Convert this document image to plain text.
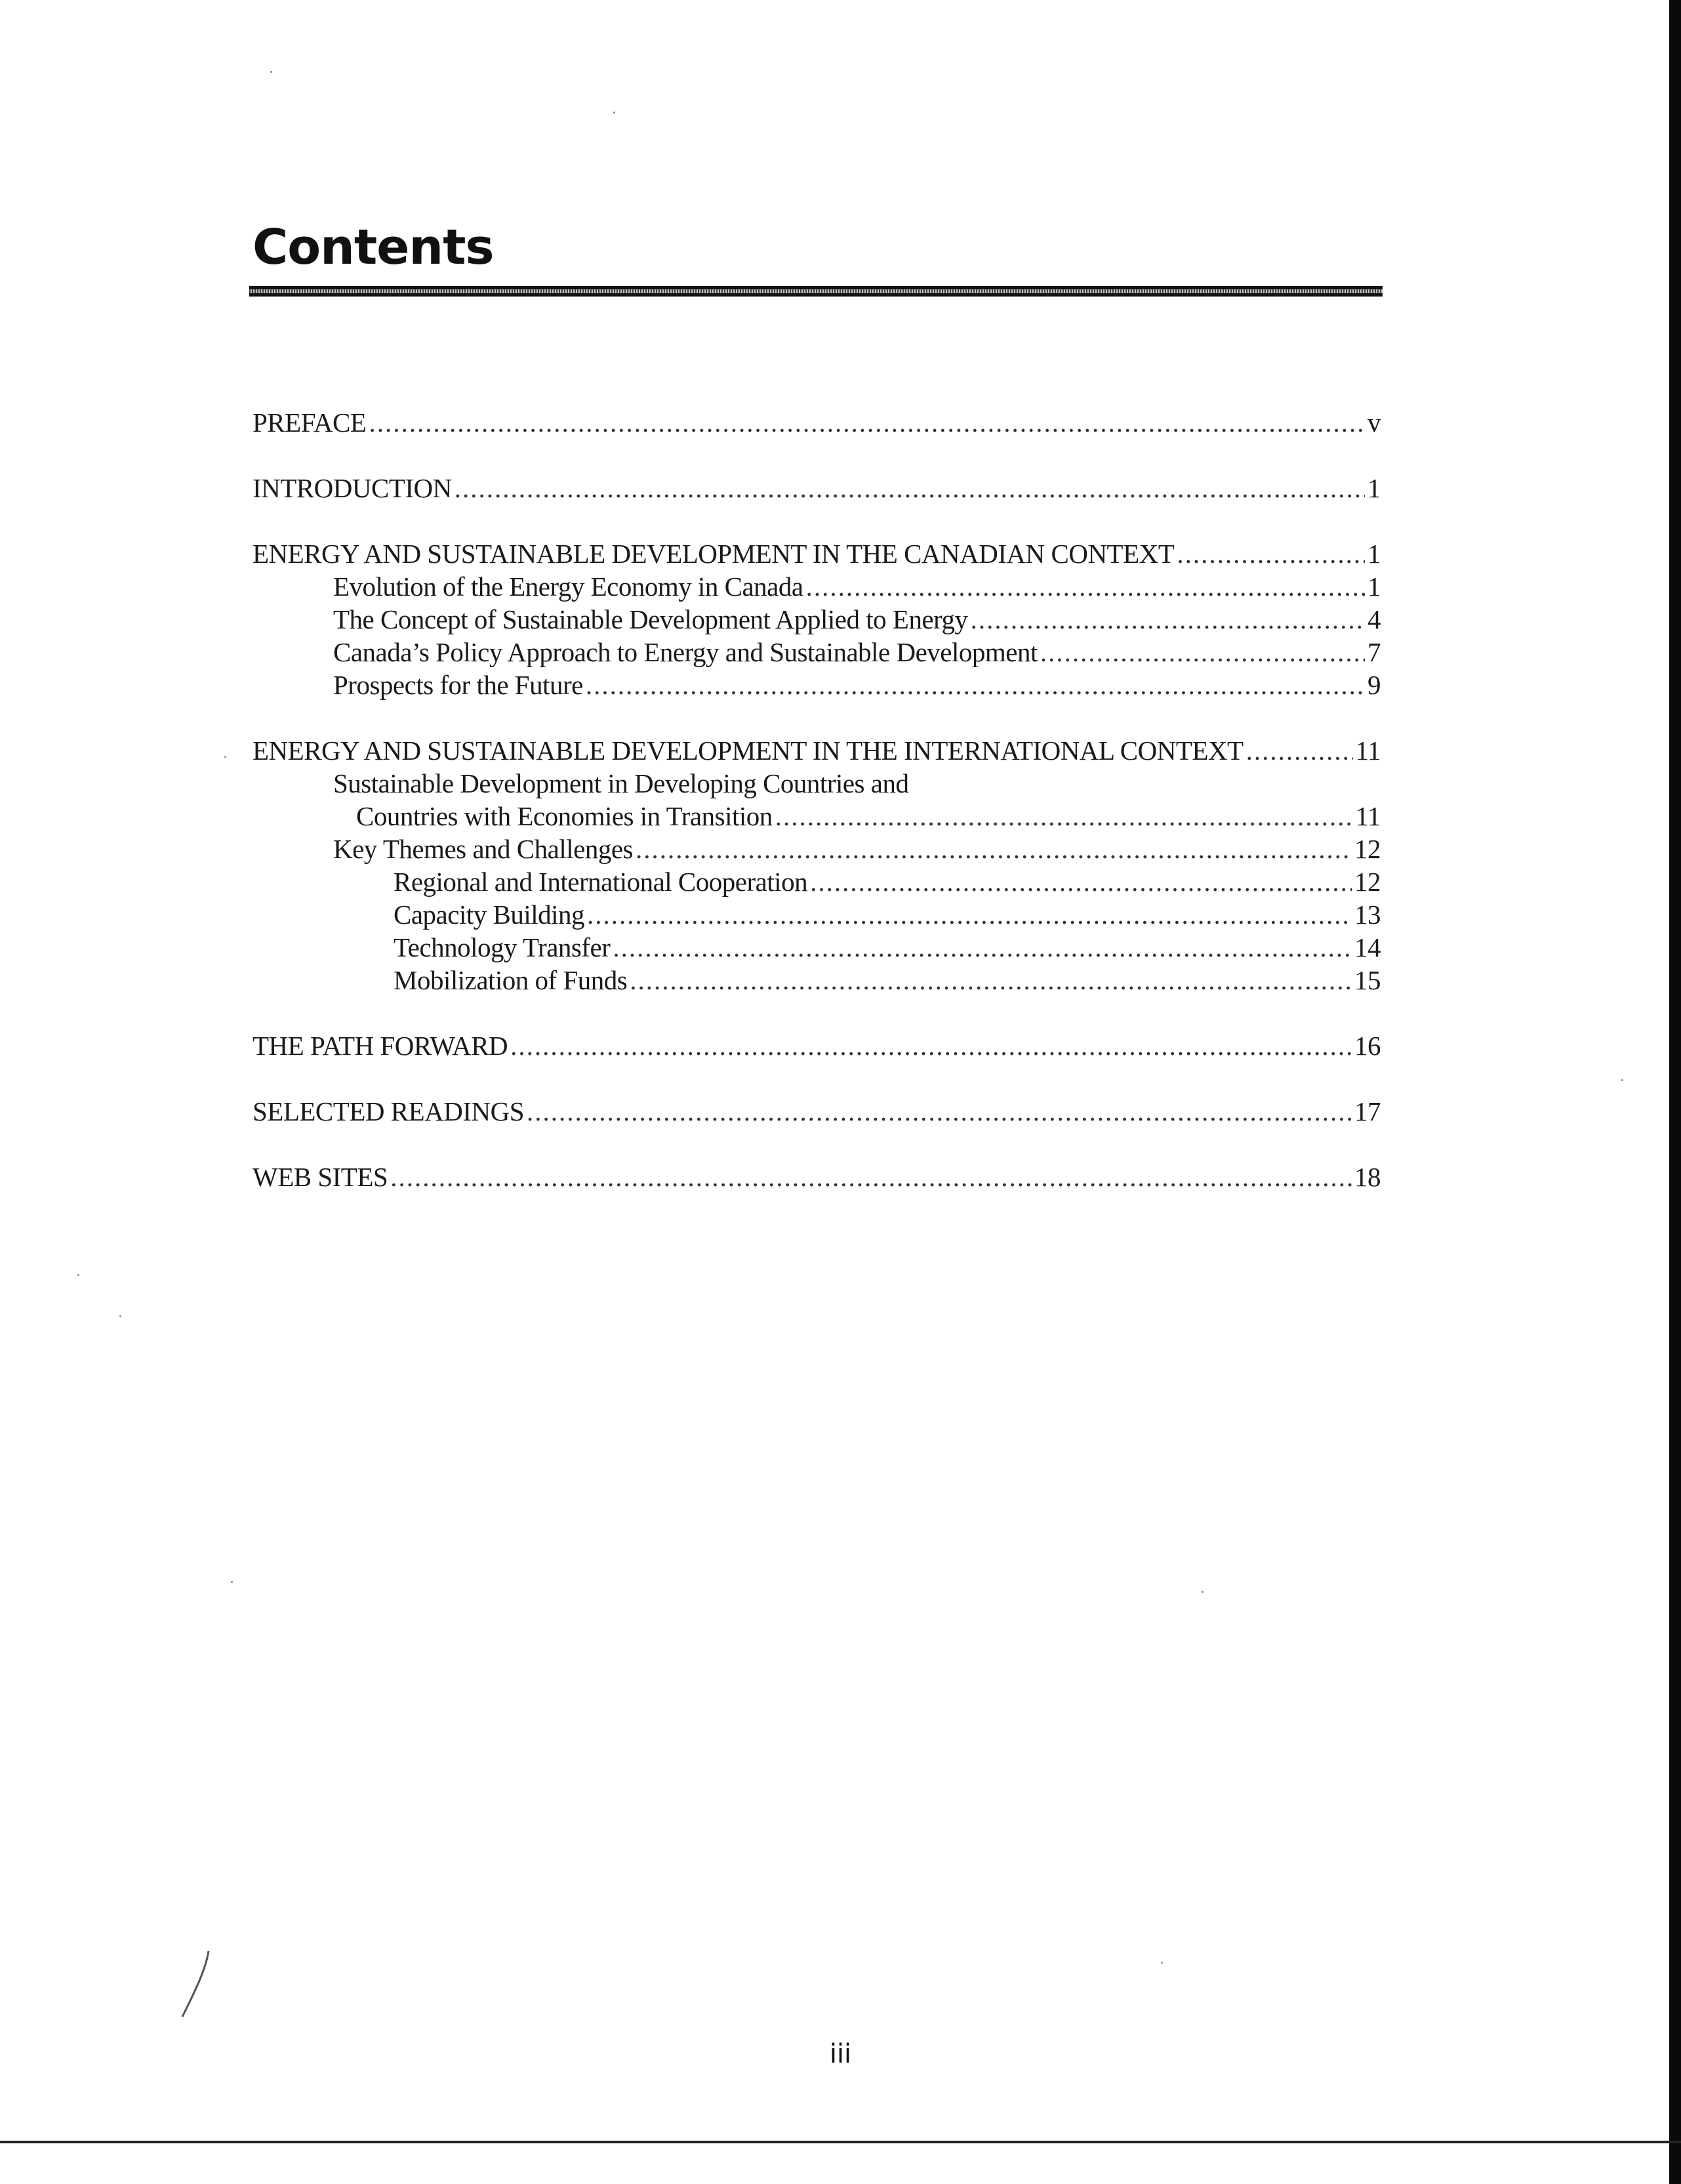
Contents
PREFACE .....	v
INTRODUCTION .....	1
ENERGY AND SUSTAINABLE DEVELOPMENT IN THE CANADIAN CONTEXT .....	1
Evolution of the Energy Economy in Canada .....	1
The Concept of Sustainable Development Applied to Energy .....	4
Canada’s Policy Approach to Energy and Sustainable Development .....	7
Prospects for the Future .....	9
ENERGY AND SUSTAINABLE DEVELOPMENT IN THE INTERNATIONAL CONTEXT .....	11
Sustainable Development in Developing Countries and
Countries with Economies in Transition .....	11
Key Themes and Challenges .....	12
Regional and International Cooperation .....	12
Capacity Building .....	13
Technology Transfer .....	14
Mobilization of Funds .....	15
THE PATH FORWARD .....	16
SELECTED READINGS .....	17
WEB SITES .....	18
iii
